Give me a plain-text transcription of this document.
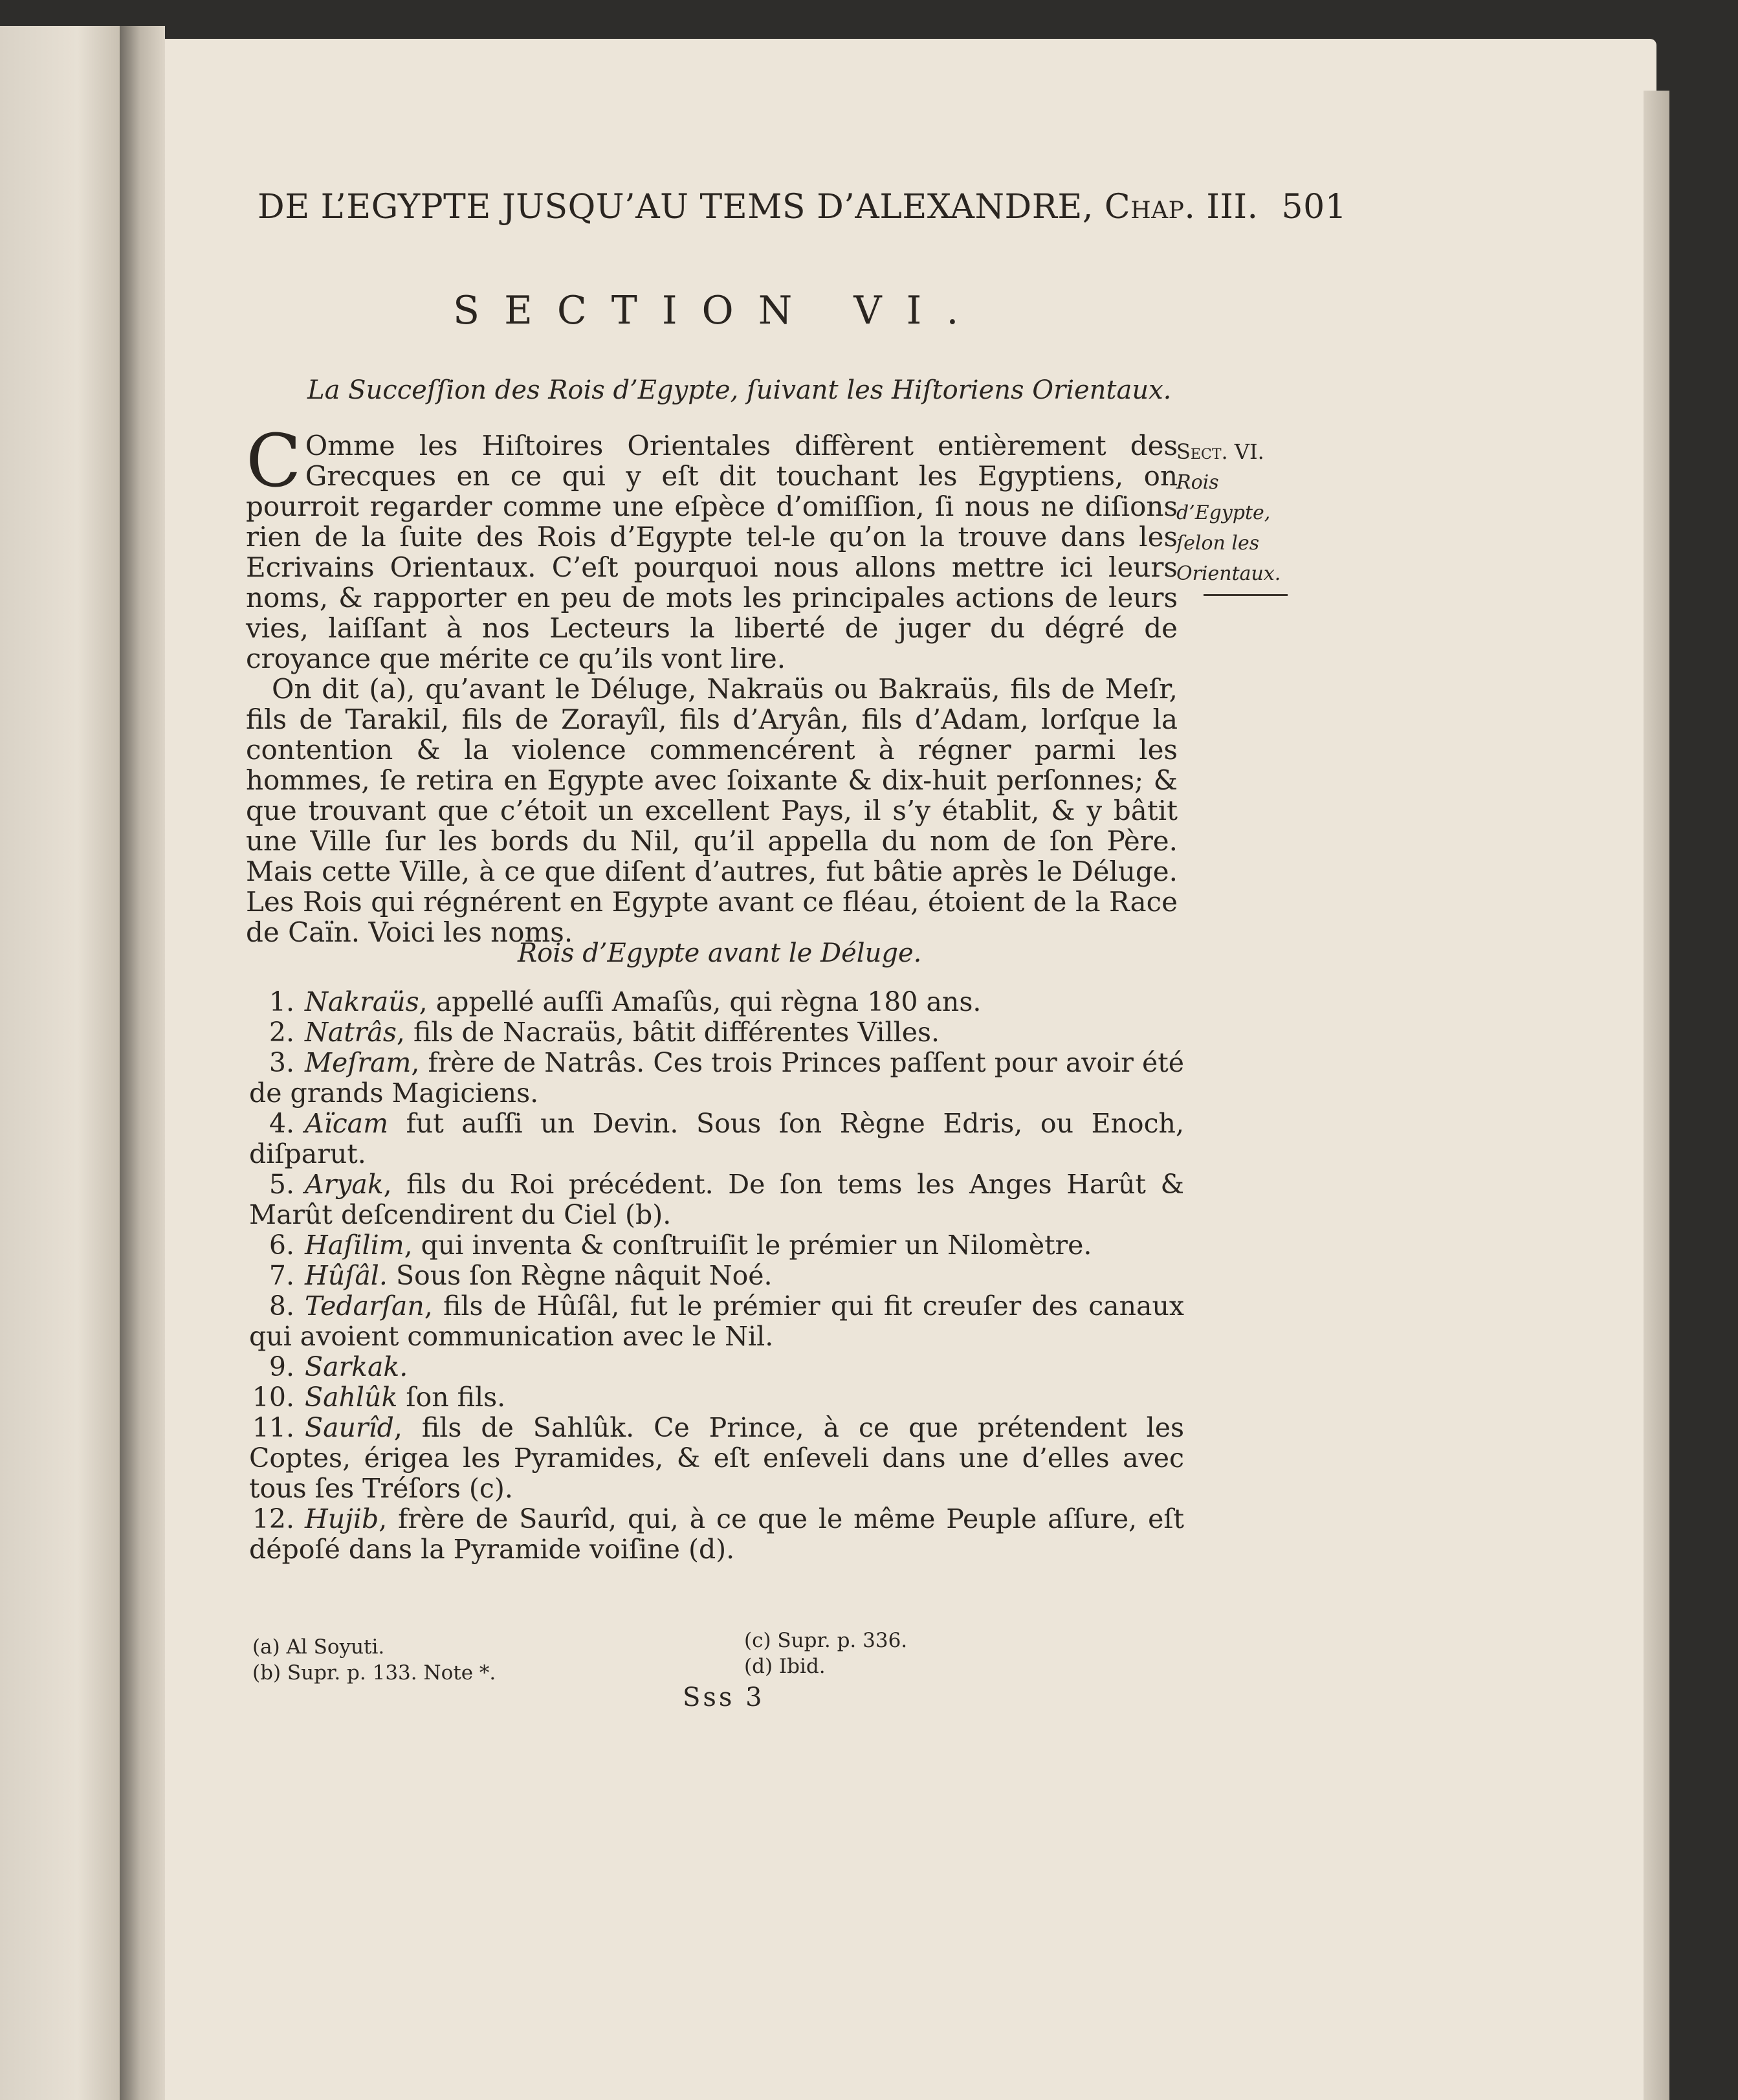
DE L’EGYPTE JUSQU’AU TEMS D’ALEXANDRE, Chap. III. 501
SECTION VI.
La Succeſſion des Rois d’Egypte, ſuivant les Hiſtoriens Orientaux.

C Omme les Hiſtoires Orientales diffèrent entièrement des Grecques en ce qui y eſt dit touchant les Egyptiens, on pourroit regarder comme une eſpèce d’omiſſion, ſi nous ne diſions rien de la ſuite des Rois d’Egypte tel-le qu’on la trouve dans les Ecrivains Orientaux. C’eſt pourquoi nous allons mettre ici leurs noms, & rapporter en peu de mots les principales actions de leurs vies, laiſſant à nos Lecteurs la liberté de juger du dégré de croyance que mérite ce qu’ils vont lire.

On dit (a), qu’avant le Déluge, Nakraüs ou Bakraüs, fils de Meſr, fils de Tarakil, fils de Zorayîl, fils d’Aryân, fils d’Adam, lorſque la contention & la violence commencérent à régner parmi les hommes, ſe retira en Egypte avec ſoixante & dix-huit perſonnes; & que trouvant que c’étoit un excellent Pays, il s’y établit, & y bâtit une Ville ſur les bords du Nil, qu’il appella du nom de ſon Père. Mais cette Ville, à ce que diſent d’autres, fut bâtie après le Déluge. Les Rois qui régnérent en Egypte avant ce fléau, étoient de la Race de Caïn. Voici les noms.

Sect. VI.
Rois d’Egypte, ſelon les Orientaux.
Rois d’Egypte avant le Déluge.
1. Nakraüs, appellé auſſi Amaſûs, qui règna 180 ans.
2. Natrâs, fils de Nacraüs, bâtit différentes Villes.
3. Meſram, frère de Natrâs. Ces trois Princes paſſent pour avoir été de grands Magiciens.
4. Aïcam fut auſſi un Devin. Sous ſon Règne Edris, ou Enoch, diſparut.
5. Aryak, fils du Roi précédent. De ſon tems les Anges Harût & Marût deſcendirent du Ciel (b).
6. Haſilim, qui inventa & conſtruiſit le prémier un Nilomètre.
7. Hûſâl. Sous ſon Règne nâquit Noé.
8. Tedarſan, fils de Hûſâl, fut le prémier qui fit creuſer des canaux qui avoient communication avec le Nil.
9. Sarkak.
10. Sahlûk ſon fils.
11. Saurîd, fils de Sahlûk. Ce Prince, à ce que prétendent les Coptes, érigea les Pyramides, & eſt enſeveli dans une d’elles avec tous ſes Tréſors (c).
12. Hujib, frère de Saurîd, qui, à ce que le même Peuple aſſure, eſt dépoſé dans la Pyramide voiſine (d).
(a) Al Soyuti.
(b) Supr. p. 133. Note *.
(c) Supr. p. 336.
(d) Ibid.
Sss 3
